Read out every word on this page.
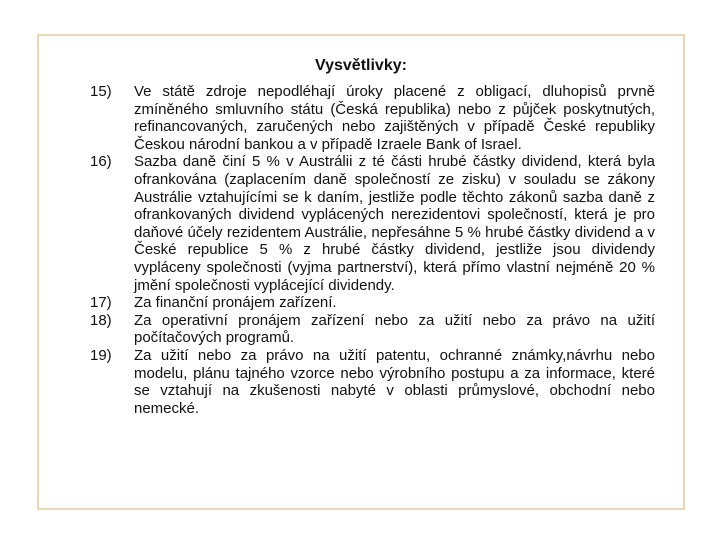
Vysvětlivky:
15)	Ve státě zdroje nepodléhají úroky placené z obligací, dluhopisů prvně zmíněného smluvního státu (Česká republika) nebo z půjček poskytnutých, refinancovaných, zaručených nebo zajištěných v případě České republiky Českou národní bankou a v případě Izraele Bank of Israel.
16)	Sazba daně činí 5 % v Austrálii z té části hrubé částky dividend, která byla ofrankována (zaplacením daně společností ze zisku) v souladu se zákony Austrálie vztahujícími se k daním, jestliže podle těchto zákonů sazba daně z ofrankovaných dividend vyplácených nerezidentovi společností, která je pro daňové účely rezidentem Austrálie, nepřesáhne 5 % hrubé částky dividend a v České republice 5 % z hrubé částky dividend, jestliže jsou dividendy vypláceny společnosti (vyjma partnerství), která přímo vlastní nejméně 20 % jmění společnosti vyplácející dividendy.
17)	Za finanční pronájem zařízení.
18)	Za operativní pronájem zařízení nebo za užití nebo za právo na užití počítačových programů.
19)	Za užití nebo za právo na užití patentu, ochranné známky,návrhu nebo modelu, plánu tajného vzorce nebo výrobního postupu a za informace, které se vztahují na zkušenosti nabyté v oblasti průmyslové, obchodní nebo nemecké.
